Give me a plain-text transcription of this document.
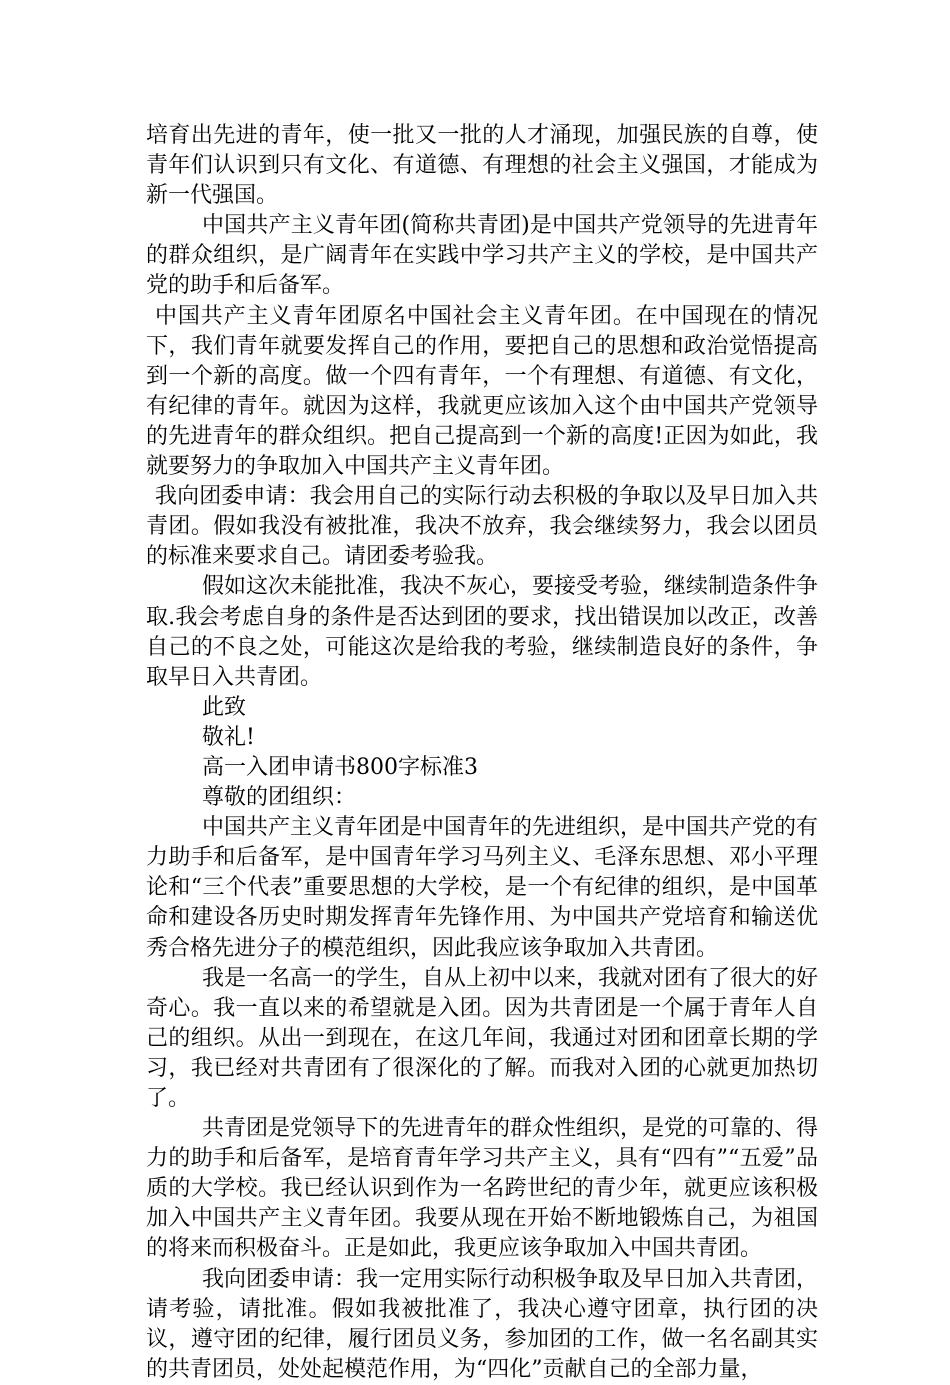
培育出先进的青年，使一批又一批的人才涌现，加强民族的自尊，使青年们认识到只有文化、有道德、有理想的社会主义强国，才能成为新一代强国。

中国共产主义青年团(简称共青团)是中国共产党领导的先进青年的群众组织，是广阔青年在实践中学习共产主义的学校，是中国共产党的助手和后备军。

中国共产主义青年团原名中国社会主义青年团。在中国现在的情况下，我们青年就要发挥自己的作用，要把自己的思想和政治觉悟提高到一个新的高度。做一个四有青年，一个有理想、有道德、有文化，有纪律的青年。就因为这样，我就更应该加入这个由中国共产党领导的先进青年的群众组织。把自己提高到一个新的高度!正因为如此，我就要努力的争取加入中国共产主义青年团。

我向团委申请：我会用自己的实际行动去积极的争取以及早日加入共青团。假如我没有被批准，我决不放弃，我会继续努力，我会以团员的标准来要求自己。请团委考验我。

假如这次未能批准，我决不灰心，要接受考验，继续制造条件争取.我会考虑自身的条件是否达到团的要求，找出错误加以改正，改善自己的不良之处，可能这次是给我的考验，继续制造良好的条件，争取早日入共青团。

此致

敬礼!

高一入团申请书800字标准3

尊敬的团组织：

中国共产主义青年团是中国青年的先进组织，是中国共产党的有力助手和后备军，是中国青年学习马列主义、毛泽东思想、邓小平理论和“三个代表”重要思想的大学校，是一个有纪律的组织，是中国革命和建设各历史时期发挥青年先锋作用、为中国共产党培育和输送优秀合格先进分子的模范组织，因此我应该争取加入共青团。

我是一名高一的学生，自从上初中以来，我就对团有了很大的好奇心。我一直以来的希望就是入团。因为共青团是一个属于青年人自己的组织。从出一到现在，在这几年间，我通过对团和团章长期的学习，我已经对共青团有了很深化的了解。而我对入团的心就更加热切了。

共青团是党领导下的先进青年的群众性组织，是党的可靠的、得力的助手和后备军，是培育青年学习共产主义，具有“四有”“五爱”品质的大学校。我已经认识到作为一名跨世纪的青少年，就更应该积极加入中国共产主义青年团。我要从现在开始不断地锻炼自己，为祖国的将来而积极奋斗。正是如此，我更应该争取加入中国共青团。

我向团委申请：我一定用实际行动积极争取及早日加入共青团，请考验，请批准。假如我被批准了，我决心遵守团章，执行团的决议，遵守团的纪律，履行团员义务，参加团的工作，做一名名副其实的共青团员，处处起模范作用，为“四化”贡献自己的全部力量，
